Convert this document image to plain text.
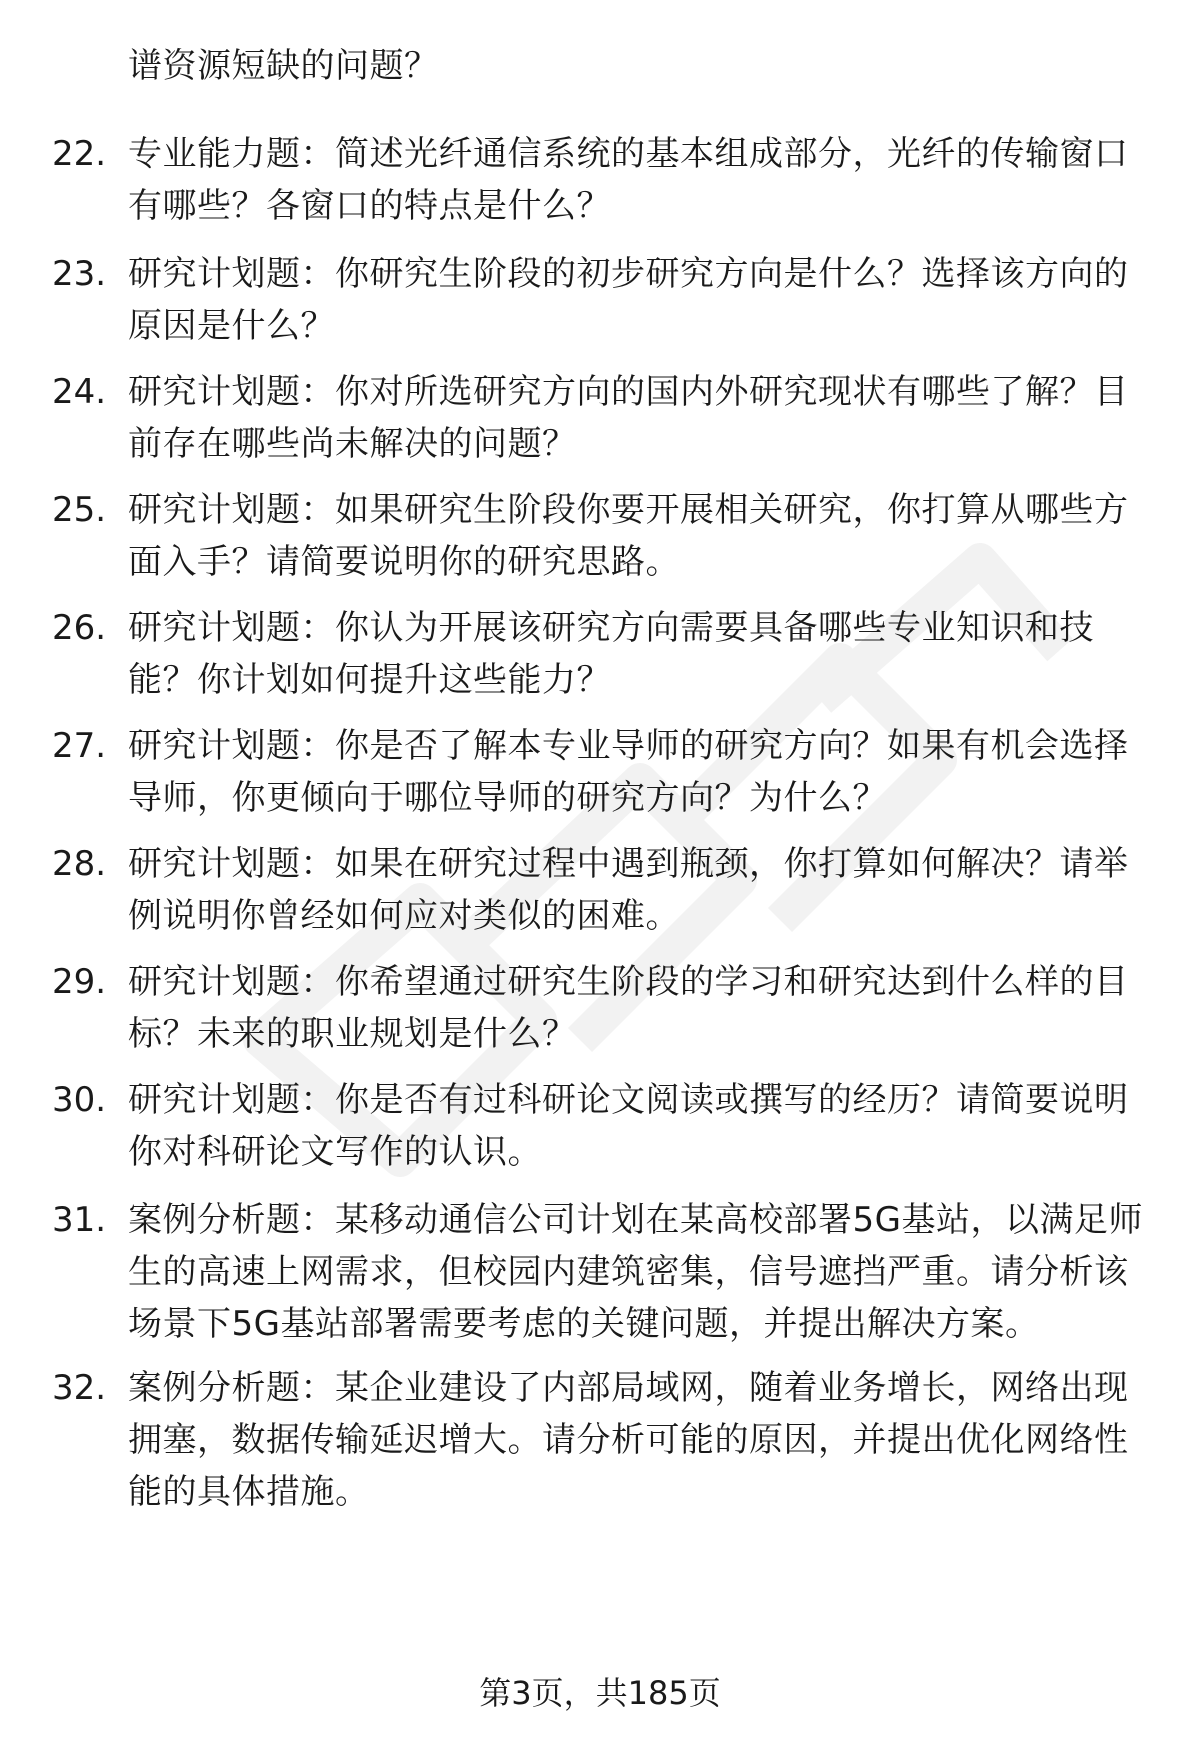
谱资源短缺的问题？
22. 专业能力题：简述光纤通信系统的基本组成部分，光纤的传输窗口有哪些？各窗口的特点是什么？
23. 研究计划题：你研究生阶段的初步研究方向是什么？选择该方向的原因是什么？
24. 研究计划题：你对所选研究方向的国内外研究现状有哪些了解？目前存在哪些尚未解决的问题？
25. 研究计划题：如果研究生阶段你要开展相关研究，你打算从哪些方面入手？请简要说明你的研究思路。
26. 研究计划题：你认为开展该研究方向需要具备哪些专业知识和技能？你计划如何提升这些能力？
27. 研究计划题：你是否了解本专业导师的研究方向？如果有机会选择导师，你更倾向于哪位导师的研究方向？为什么？
28. 研究计划题：如果在研究过程中遇到瓶颈，你打算如何解决？请举例说明你曾经如何应对类似的困难。
29. 研究计划题：你希望通过研究生阶段的学习和研究达到什么样的目标？未来的职业规划是什么？
30. 研究计划题：你是否有过科研论文阅读或撰写的经历？请简要说明你对科研论文写作的认识。
31. 案例分析题：某移动通信公司计划在某高校部署5G基站，以满足师生的高速上网需求，但校园内建筑密集，信号遮挡严重。请分析该场景下5G基站部署需要考虑的关键问题，并提出解决方案。
32. 案例分析题：某企业建设了内部局域网，随着业务增长，网络出现拥塞，数据传输延迟增大。请分析可能的原因，并提出优化网络性能的具体措施。
第3页，共185页
